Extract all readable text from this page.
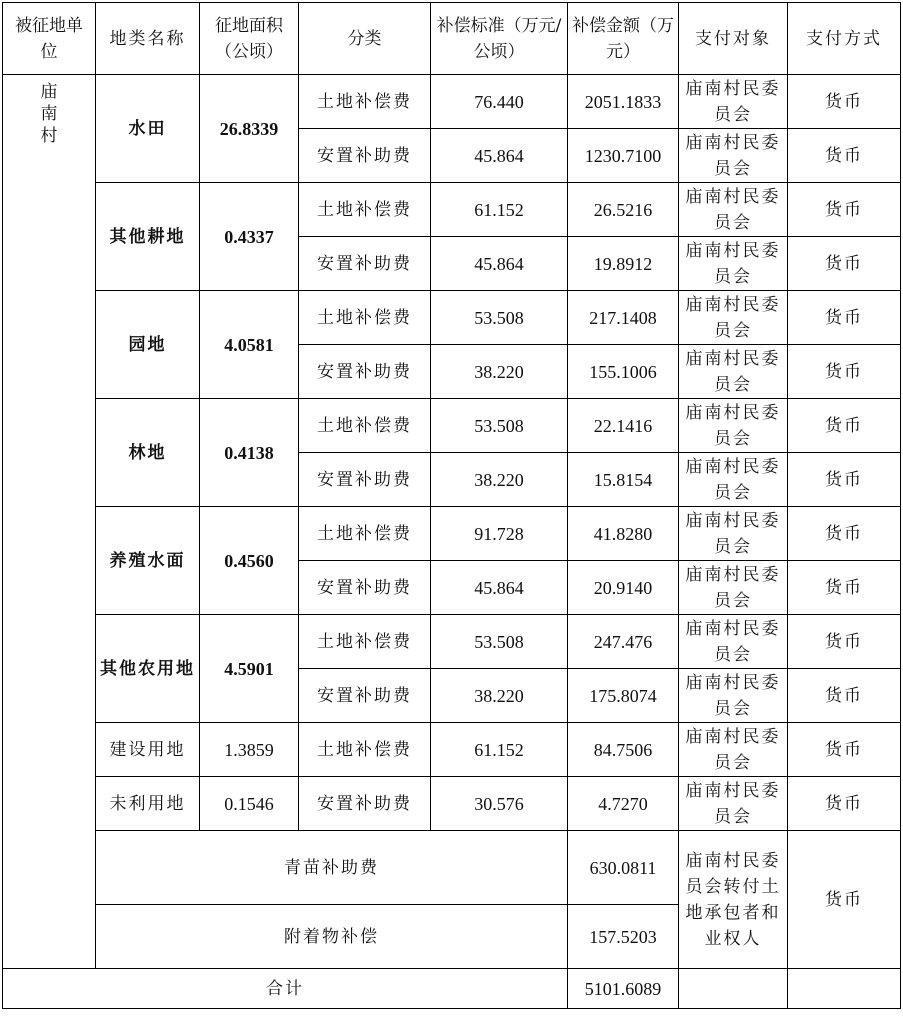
被征地单位	地类名称	征地面积（公顷）	分类	补偿标准（万元/公顷）	补偿金额（万元）	支付对象	支付方式

庙南村	水田	26.8339	土地补偿费	76.440	2051.1833	庙南村民委员会	货币
			安置补助费	45.864	1230.7100	庙南村民委员会	货币
	其他耕地	0.4337	土地补偿费	61.152	26.5216	庙南村民委员会	货币
			安置补助费	45.864	19.8912	庙南村民委员会	货币
	园地	4.0581	土地补偿费	53.508	217.1408	庙南村民委员会	货币
			安置补助费	38.220	155.1006	庙南村民委员会	货币
	林地	0.4138	土地补偿费	53.508	22.1416	庙南村民委员会	货币
			安置补助费	38.220	15.8154	庙南村民委员会	货币
	养殖水面	0.4560	土地补偿费	91.728	41.8280	庙南村民委员会	货币
			安置补助费	45.864	20.9140	庙南村民委员会	货币
	其他农用地	4.5901	土地补偿费	53.508	247.476	庙南村民委员会	货币
			安置补助费	38.220	175.8074	庙南村民委员会	货币
	建设用地	1.3859	土地补偿费	61.152	84.7506	庙南村民委员会	货币
	未利用地	0.1546	安置补助费	30.576	4.7270	庙南村民委员会	货币
	青苗补助费				630.0811	庙南村民委员会转付土地承包者和业权人	货币
	附着物补偿				157.5203		
合计					5101.6089		
